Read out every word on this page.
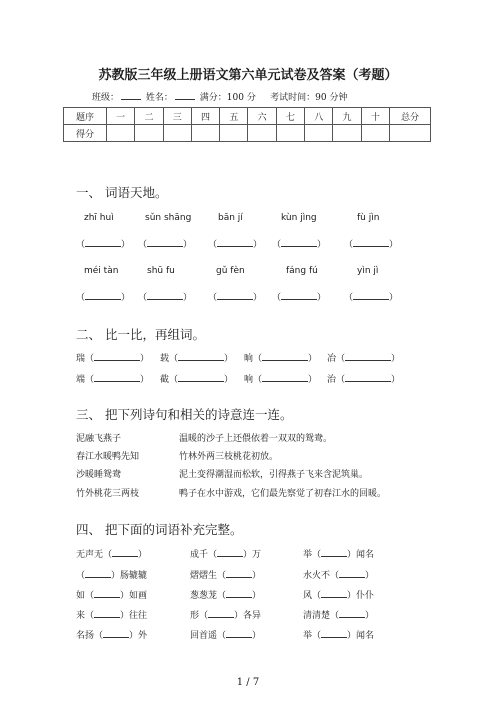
苏教版三年级上册语文第六单元试卷及答案（考题）
班级：	姓名：	满分：100 分 考试时间：90 分钟
题序	一	二	三	四	五	六	七	八	九	十	总分
得分											
一、 词语天地。
zhī huì	sǔn shāng	bān jí	kùn jìng	fù jìn
（	） （	） （	） （	） （	）
méi tàn	shū fu	gǔ fèn	fáng fú	yìn jì
（	） （	） （	） （	） （	）
二、 比一比，再组词。
瑞（	） 载（	） 晌（	） 冶（	）
端（	） 截（	） 响（	） 治（	）
三、 把下列诗句和相关的诗意连一连。
泥融飞燕子	温暖的沙子上还偎依着一双双的鸳鸯。
春江水暖鸭先知	竹林外两三枝桃花初放。
沙暖睡鸳鸯	泥土变得潮湿而松软，引得燕子飞来含泥筑巢。
竹外桃花三两枝	鸭子在水中游戏，它们最先察觉了初春江水的回暖。
四、 把下面的词语补充完整。
无声无（	）	成千（	）万	举（	）闻名
（	）肠辘辘	熠熠生（	）	水火不（	）
如（	）如画	葱葱茏（	）	风（	）仆仆
来（	）往往	形（	）各异	清清楚（	）
名扬（	）外	回首遥（	）	举（	）闻名
1 / 7
